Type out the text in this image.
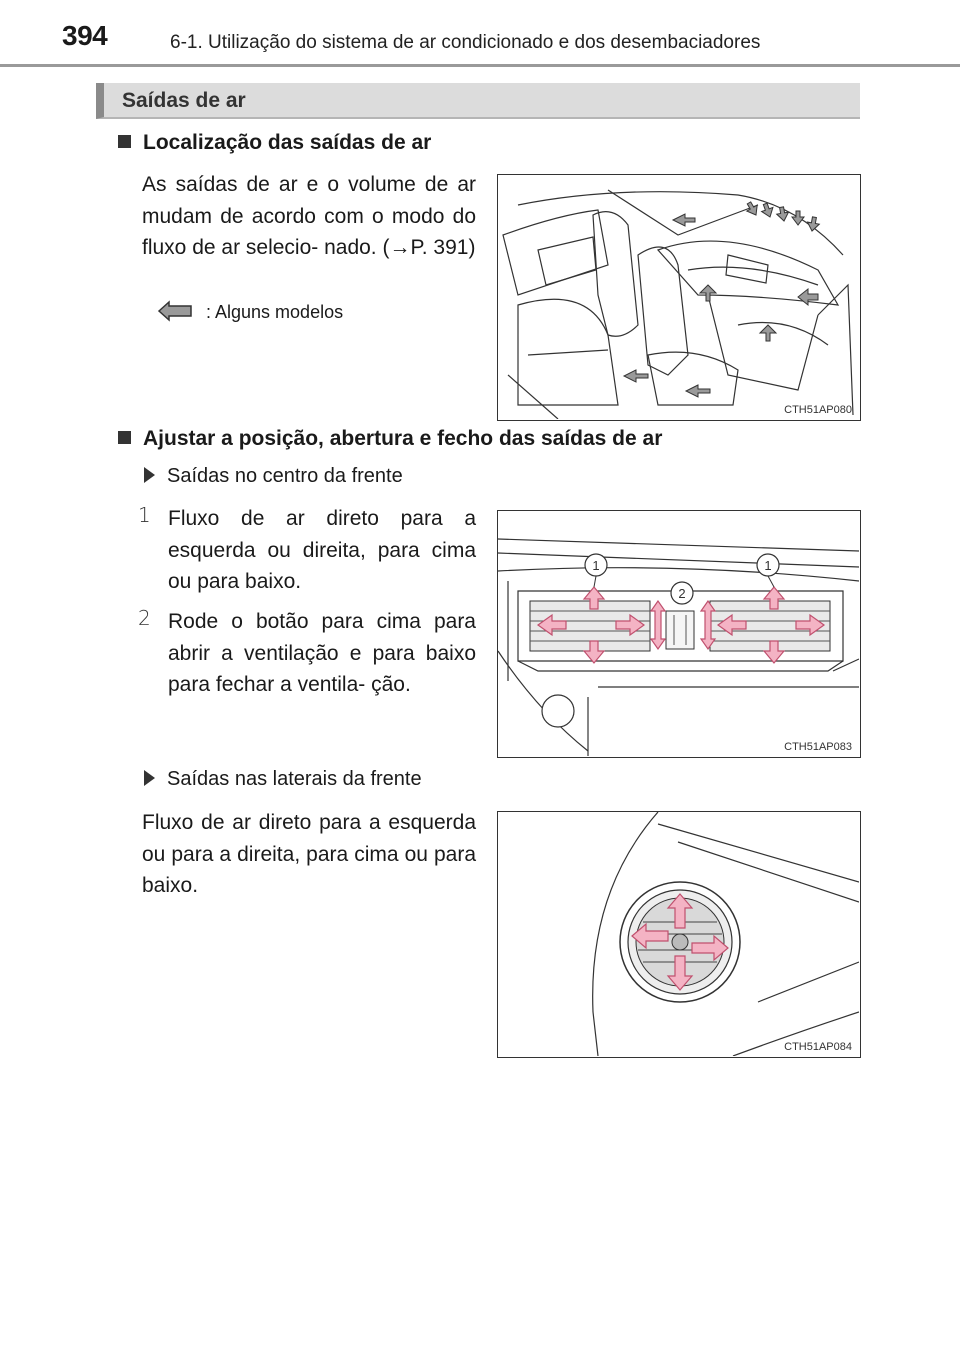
394	6-1. Utilização do sistema de ar condicionado e dos desembaciadores
Saídas de ar
Localização das saídas de ar
As saídas de ar e o volume de ar mudam de acordo com o modo do fluxo de ar selecio- nado. (→P. 391)
: Alguns modelos
CTH51AP080
Ajustar a posição, abertura e fecho das saídas de ar
Saídas no centro da frente
1 Fluxo de ar direto para a esquerda ou direita, para cima ou para baixo.
2 Rode o botão para cima para abrir a ventilação e para baixo para fechar a ventila- ção.
1
2
1
CTH51AP083
Saídas nas laterais da frente
Fluxo de ar direto para a esquerda ou para a direita, para cima ou para baixo.
CTH51AP084
